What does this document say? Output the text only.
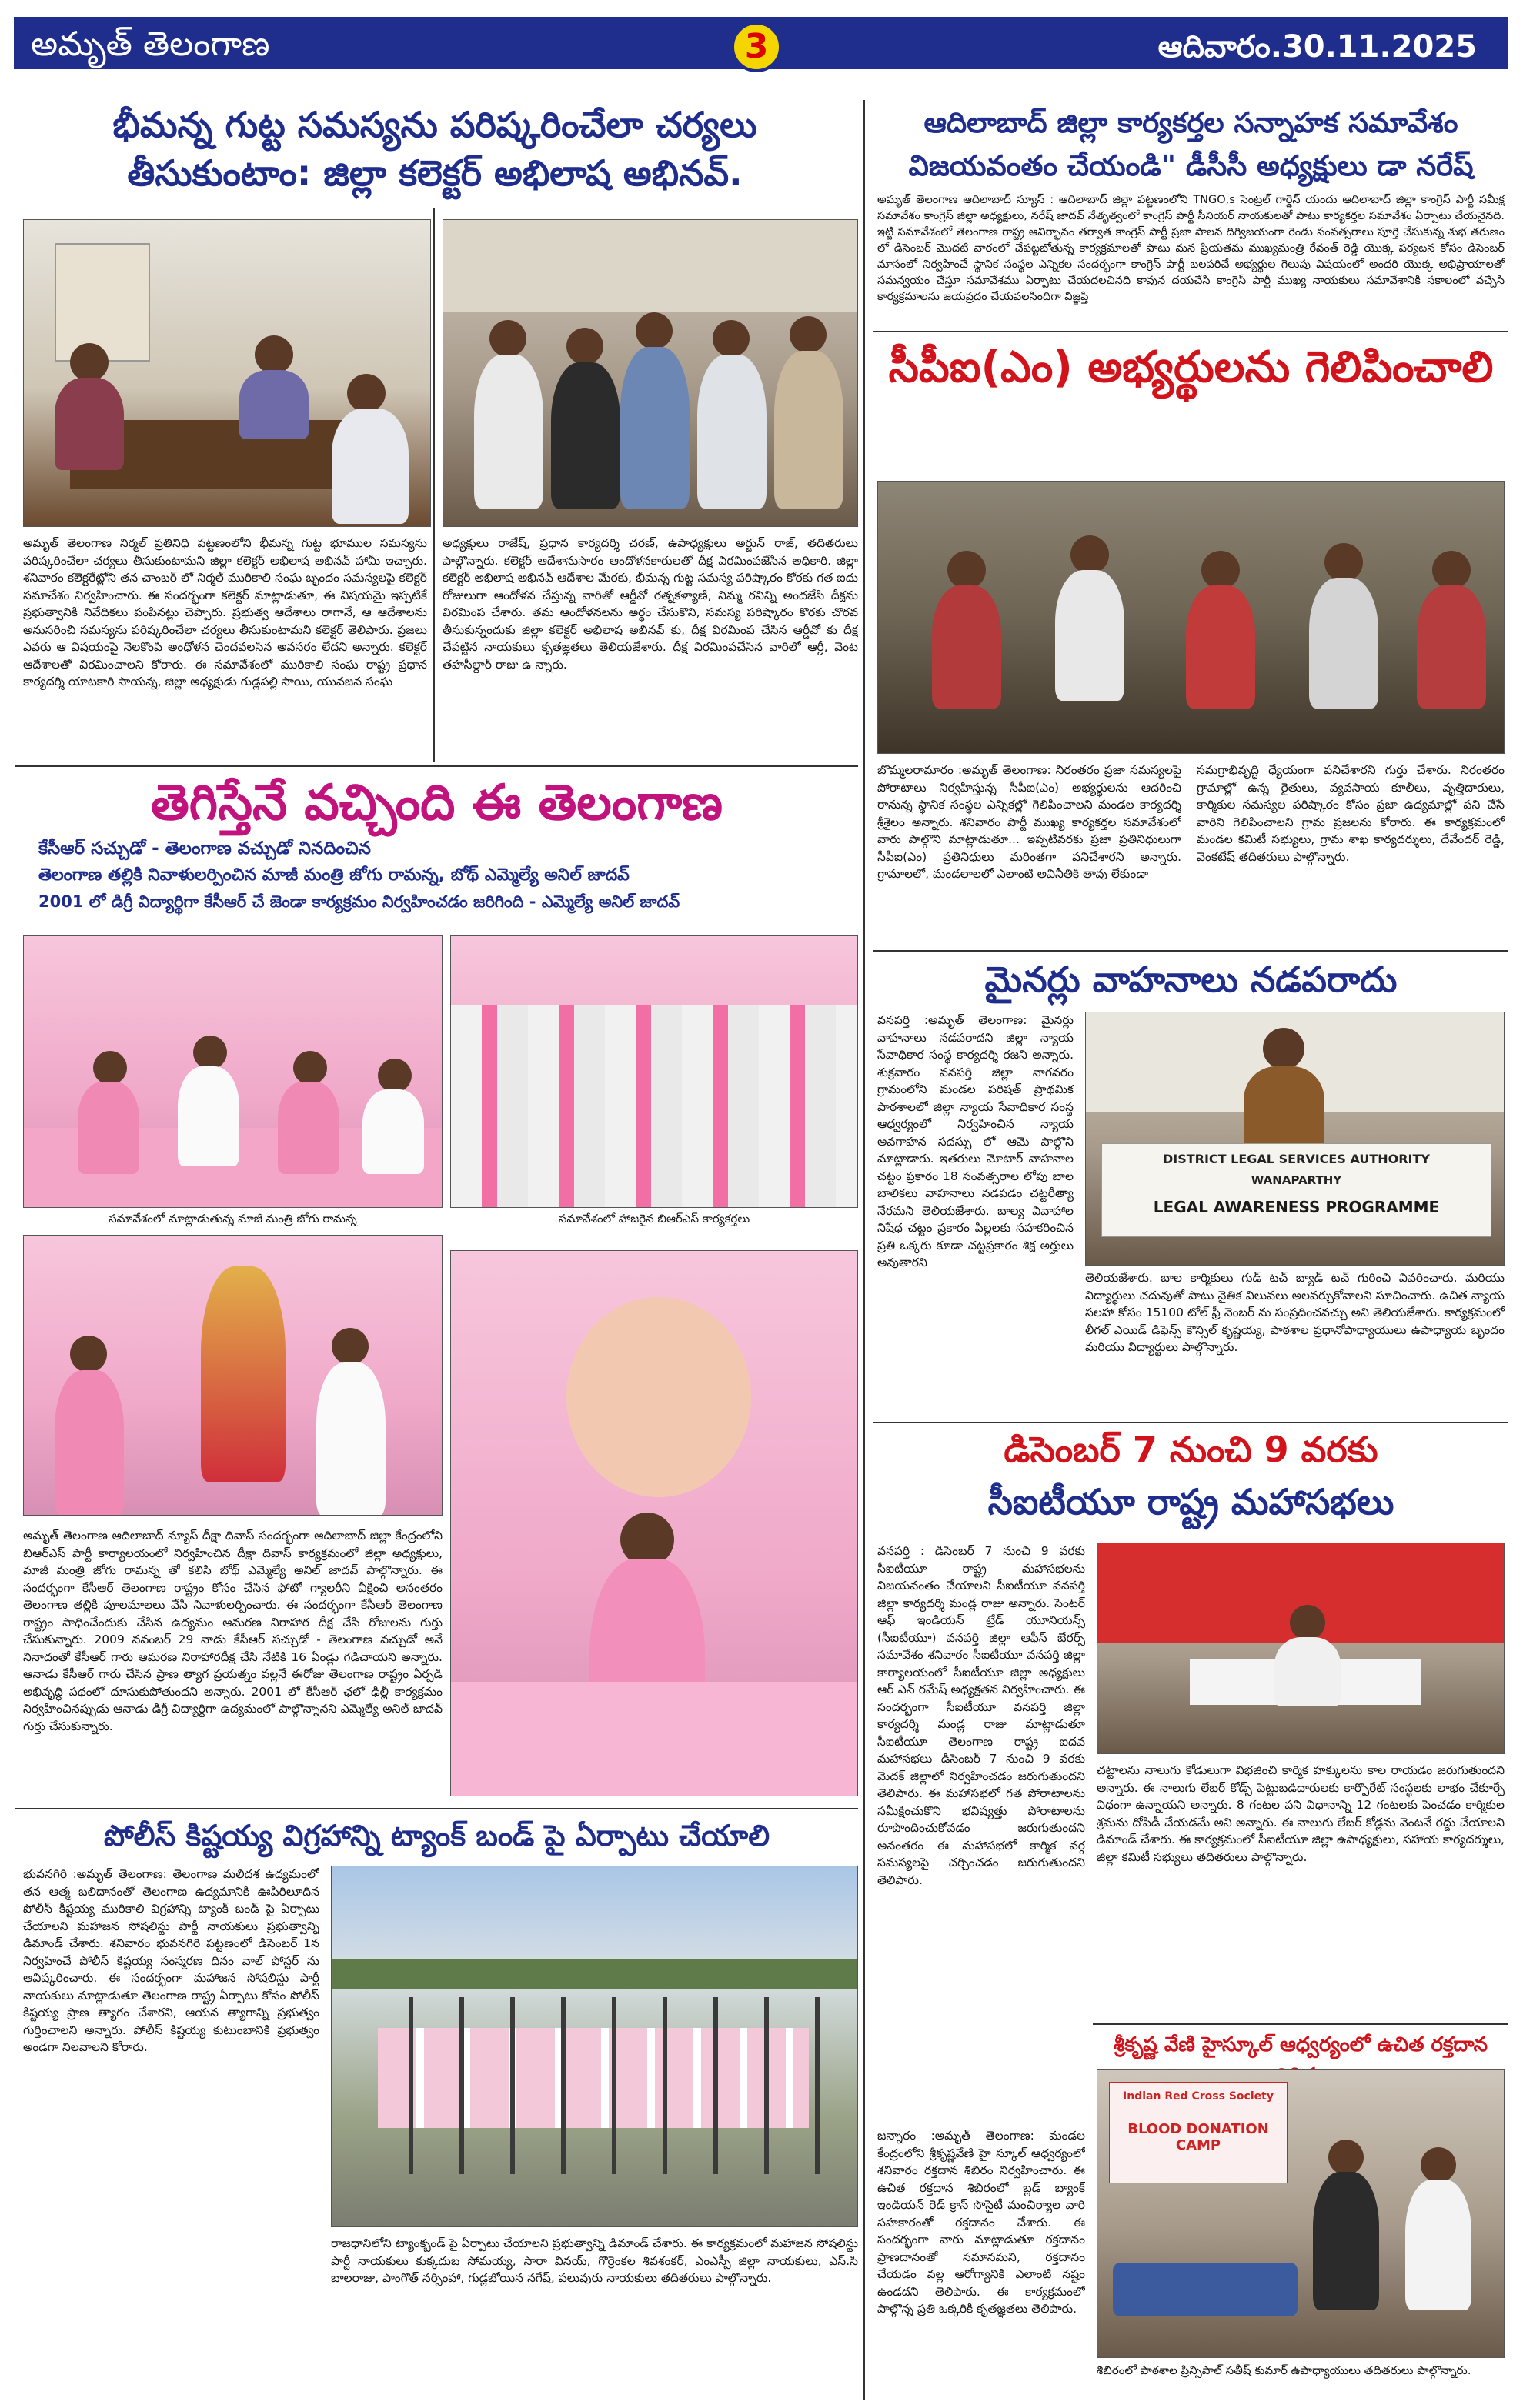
అమృత్ తెలంగాణ	3	ఆదివారం.30.11.2025
భీమన్న గుట్ట సమస్యను పరిష్కరించేలా చర్యలు
తీసుకుంటాం: జిల్లా కలెక్టర్ అభిలాష అభినవ్.
అమృత్ తెలంగాణ నిర్మల్ ప్రతినిధి పట్టణంలోని భీమన్న గుట్ట భూముల సమస్యను పరిష్కరించేలా చర్యలు తీసుకుంటామని జిల్లా కలెక్టర్ అభిలాష అభినవ్ హామీ ఇచ్చారు. శనివారం కలెక్టరేట్లోని తన చాంబర్ లో నిర్మల్ మురికాలి సంఘ బృందం సమస్యలపై కలెక్టర్ సమాచేశం నిర్వహించారు. ఈ సందర్భంగా కలెక్టర్ మాట్లాడుతూ, ఈ విషయమై ఇప్పటికే ప్రభుత్వానికి నివేదికలు పంపినట్లు చెప్పారు. ప్రభుత్వ ఆదేశాలు రాగానే, ఆ ఆదేశాలను అనుసరించి సమస్యను పరిష్కరించేలా చర్యలు తీసుకుంటామని కలెక్టర్ తెలిపారు. ప్రజలు ఎవరు ఆ విషయంపై నెలకొంపి అంధోళన చెందవలసిన అవసరం లేదని అన్నారు. కలెక్టర్ ఆదేశాలతో విరమించాలని కోరారు. ఈ సమావేశంలో మురికాలి సంఘ రాష్ట్ర ప్రధాన కార్యదర్శి యాటకారి సాయన్న, జిల్లా అధ్యక్షుడు గుడ్లపల్లి సాయి, యువజన సంఘ
అధ్యక్షులు రాజేష్, ప్రధాన కార్యదర్శి చరణ్, ఉపాధ్యక్షులు అర్జున్ రాజ్, తదితరులు పాల్గొన్నారు. కలెక్టర్ ఆదేశానుసారం ఆందోళనకారులతో దీక్ష విరమింపజేసిన అధికారి. జిల్లా కలెక్టర్ అభిలాష అభినవ్ ఆదేశాల మేరకు, భీమన్న గుట్ట సమస్య పరిష్కారం కోరకు గత ఐదు రోజులుగా ఆందోళన చేస్తున్న వారితో ఆర్డీవో రత్నకళ్యాణి, నిమ్మ రవిన్ని అందజేసి దీక్షను విరమింప చేశారు. తమ ఆందోళనలను అర్థం చేసుకొని, సమస్య పరిష్కారం కొరకు చొరవ తీసుకున్నందుకు జిల్లా కలెక్టర్ అభిలాష అభినవ్ కు, దీక్ష విరమింప చేసిన ఆర్డీవో కు దీక్ష చేపట్టిన నాయకులు కృతజ్ఞతలు తెలియజేశారు. దీక్ష విరమింపచేసిన వారిలో ఆర్డీ, వెంట తహసీల్దార్ రాజు ఉ న్నారు.
తెగిస్తేనే వచ్చింది ఈ తెలంగాణ
కేసీఆర్ సచ్చుడో - తెలంగాణ వచ్చుడో నినదించిన
తెలంగాణ తల్లికి నివాళులర్పించిన మాజీ మంత్రి జోగు రామన్న, బోథ్ ఎమ్మెల్యే అనిల్ జాదవ్
2001 లో డిగ్రీ విద్యార్థిగా కేసీఆర్ చే జెండా కార్యక్రమం నిర్వహించడం జరిగింది - ఎమ్మెల్యే అనిల్ జాదవ్
సమావేశంలో మాట్లాడుతున్న మాజీ మంత్రి జోగు రామన్న	సమావేశంలో హాజరైన బిఆర్ఎస్ కార్యకర్తలు
అమృత్ తెలంగాణ ఆదిలాబాద్ న్యూస్ దీక్షా దివాస్ సందర్భంగా ఆదిలాబాద్ జిల్లా కేంద్రంలోని బిఆర్ఎస్ పార్టీ కార్యాలయంలో నిర్వహించిన దీక్షా దివాస్ కార్యక్రమంలో జిల్లా అధ్యక్షులు, మాజీ మంత్రి జోగు రామన్న తో కలిసి బోథ్ ఎమ్మెల్యే అనిల్ జాదవ్ పాల్గొన్నారు. ఈ సందర్భంగా కేసీఆర్ తెలంగాణ రాష్ట్రం కోసం చేసిన ఫోటో గ్యాలరీని వీక్షించి అనంతరం తెలంగాణ తల్లికి పూలమాలలు వేసి నివాళులర్పించారు. ఈ సందర్భంగా కేసీఆర్ తెలంగాణ రాష్ట్రం సాధించేందుకు చేసిన ఉద్యమం ఆమరణ నిరాహార దీక్ష చేసి రోజులను గుర్తు చేసుకున్నారు. 2009 నవంబర్ 29 నాడు కేసీఆర్ సచ్చుడో - తెలంగాణ వచ్చుడో అనే నినాదంతో కేసీఆర్ గారు ఆమరణ నిరాహారదీక్ష చేసి నేటికి 16 ఏండ్లు గడిచాయని అన్నారు. ఆనాడు కేసీఆర్ గారు చేసిన ప్రాణ త్యాగ ప్రయత్నం వల్లనే ఈరోజు తెలంగాణ రాష్ట్రం ఏర్పడి అభివృద్ధి పథంలో దూసుకుపోతుందని అన్నారు. 2001 లో కేసీఆర్ ఛలో ఢిల్లీ కార్యక్రమం నిర్వహించినప్పుడు ఆనాడు డిగ్రీ విద్యార్థిగా ఉద్యమంలో పాల్గొన్నానని ఎమ్మెల్యే అనిల్ జాదవ్ గుర్తు చేసుకున్నారు.
పోలీస్ కిష్టయ్య విగ్రహాన్ని ట్యాంక్ బండ్ పై ఏర్పాటు చేయాలి
భువనగిరి :అమృత్ తెలంగాణ: తెలంగాణ మలిదశ ఉద్యమంలో తన ఆత్మ బలిదానంతో తెలంగాణ ఉద్యమానికి ఊపిరిలూదిన పోలీస్ కిష్టయ్య మురికాలి విగ్రహాన్ని ట్యాంక్ బండ్ పై ఏర్పాటు చేయాలని మహాజన సోషలిస్టు పార్టీ నాయకులు ప్రభుత్వాన్ని డిమాండ్ చేశారు. శనివారం భువనగిరి పట్టణంలో డిసెంబర్ 1న నిర్వహించే పోలీస్ కిష్టయ్య సంస్మరణ దినం వాల్ పోస్టర్ ను ఆవిష్కరించారు. ఈ సందర్భంగా మహాజన సోషలిస్టు పార్టీ నాయకులు మాట్లాడుతూ తెలంగాణ రాష్ట్ర ఏర్పాటు కోసం పోలీస్ కిష్టయ్య ప్రాణ త్యాగం చేశారని, ఆయన త్యాగాన్ని ప్రభుత్వం గుర్తించాలని అన్నారు. పోలీస్ కిష్టయ్య కుటుంబానికి ప్రభుత్వం అండగా నిలవాలని కోరారు.
రాజధానిలోని ట్యాంక్బండ్ పై ఏర్పాటు చేయాలని ప్రభుత్వాన్ని డిమాండ్ చేశారు. ఈ కార్యక్రమంలో మహాజన సోషలిస్టు పార్టీ నాయకులు కుక్కదుబ సోమయ్య, సారా వినయ్, గొర్రెంకల శివశంకర్, ఎంఎస్పీ జిల్లా నాయకులు, ఎస్.సి బాలరాజు, పాంగొత్ నర్సింహా, గుడ్లబోయిన నగేష్, పలువురు నాయకులు తదితరులు పాల్గొన్నారు.
ఆదిలాబాద్ జిల్లా కార్యకర్తల సన్నాహక సమావేశం
విజయవంతం చేయండి" డీసీసీ అధ్యక్షులు డా నరేష్
అమృత్ తెలంగాణ ఆదిలాబాద్ న్యూస్ : ఆదిలాబాద్ జిల్లా పట్టణంలోని TNGO,s సెంట్రల్ గార్డెన్ యందు ఆదిలాబాద్ జిల్లా కాంగ్రెస్ పార్టీ సమీక్ష సమావేశం కాంగ్రెస్ జిల్లా అధ్యక్షులు, నరేష్ జాదవ్ నేతృత్వంలో కాంగ్రెస్ పార్టీ సీనియర్ నాయకులతో పాటు కార్యకర్తల సమావేశం ఏర్పాటు చేయనైనది. ఇట్టి సమావేశంలో తెలంగాణ రాష్ట్ర ఆవిర్భావం తర్వాత కాంగ్రెస్ పార్టీ ప్రజా పాలన దిగ్విజయంగా రెండు సంవత్సరాలు పూర్తి చేసుకున్న శుభ తరుణం లో డిసెంబర్ మొదటి వారంలో చేపట్టబోతున్న కార్యక్రమాలతో పాటు మన ప్రియతమ ముఖ్యమంత్రి రేవంత్ రెడ్డి యొక్క పర్యటన కోసం డిసెంబర్ మాసంలో నిర్వహించే స్థానిక సంస్థల ఎన్నికల సందర్భంగా కాంగ్రెస్ పార్టీ బలపరిచే అభ్యర్థుల గెలుపు విషయంలో అందరి యొక్క అభిప్రాయాలతో సమన్వయం చేస్తూ సమావేశము ఏర్పాటు చేయదలచినది కావున దయచేసి కాంగ్రెస్ పార్టీ ముఖ్య నాయకులు సమావేశానికి సకాలంలో వచ్చేసి కార్యక్రమాలను జయప్రదం చేయవలసిందిగా విజ్ఞప్తి
సీపీఐ(ఎం) అభ్యర్థులను గెలిపించాలి
బొమ్మలరామారం :అమృత్ తెలంగాణ: నిరంతరం ప్రజా సమస్యలపై పోరాటాలు నిర్వహిస్తున్న సీపీఐ(ఎం) అభ్యర్థులను ఆదరించి రానున్న స్థానిక సంస్థల ఎన్నికల్లో గెలిపించాలని మండల కార్యదర్శి శ్రీశైలం అన్నారు. శనివారం పార్టీ ముఖ్య కార్యకర్తల సమావేశంలో వారు పాల్గొని మాట్లాడుతూ... ఇప్పటివరకు ప్రజా ప్రతినిధులుగా సీపీఐ(ఎం) ప్రతినిధులు మరింతగా పనిచేశారని అన్నారు. గ్రామాలలో, మండలాలలో ఎలాంటి అవినీతికి తావు లేకుండా
సమగ్రాభివృద్ధి ధ్యేయంగా పనిచేశారని గుర్తు చేశారు. నిరంతరం గ్రామాల్లో ఉన్న రైతులు, వ్యవసాయ కూలీలు, వృత్తిదారులు, కార్మికుల సమస్యల పరిష్కారం కోసం ప్రజా ఉద్యమాల్లో పని చేసే వారిని గెలిపించాలని గ్రామ ప్రజలను కోరారు. ఈ కార్యక్రమంలో మండల కమిటీ సభ్యులు, గ్రామ శాఖ కార్యదర్శులు, దేవేందర్ రెడ్డి, వెంకటేష్ తదితరులు పాల్గొన్నారు.
మైనర్లు వాహనాలు నడపరాదు
వనపర్తి :అమృత్ తెలంగాణ: మైనర్లు వాహనాలు నడపరాదని జిల్లా న్యాయ సేవాధికార సంస్థ కార్యదర్శి రజని అన్నారు. శుక్రవారం వనపర్తి జిల్లా నాగవరం గ్రామంలోని మండల పరిషత్ ప్రాథమిక పాఠశాలలో జిల్లా న్యాయ సేవాధికార సంస్థ ఆధ్వర్యంలో నిర్వహించిన న్యాయ అవగాహన సదస్సు లో ఆమె పాల్గొని మాట్లాడారు. ఇతరులు మోటార్ వాహనాల చట్టం ప్రకారం 18 సంవత్సరాల లోపు బాల బాలికలు వాహనాలు నడపడం చట్టరీత్యా నేరమని తెలియజేశారు. బాల్య వివాహాల నిషేధ చట్టం ప్రకారం పిల్లలకు సహకరించిన ప్రతి ఒక్కరు కూడా చట్టప్రకారం శిక్ష అర్హులు అవుతారని
DISTRICT LEGAL SERVICES AUTHORITY
WANAPARTHY
LEGAL AWARENESS PROGRAMME
తెలియజేశారు. బాల కార్మికులు గుడ్ టచ్ బ్యాడ్ టచ్ గురించి వివరించారు. మరియు విద్యార్థులు చదువుతో పాటు నైతిక విలువలు అలవర్చుకోవాలని సూచించారు. ఉచిత న్యాయ సలహా కోసం 15100 టోల్ ఫ్రీ నెంబర్ ను సంప్రదించవచ్చు అని తెలియజేశారు. కార్యక్రమంలో లీగల్ ఎయిడ్ డిఫెన్స్ కౌన్సిల్ కృష్ణయ్య, పాఠశాల ప్రధానోపాధ్యాయులు ఉపాధ్యాయ బృందం మరియు విద్యార్థులు పాల్గొన్నారు.
డిసెంబర్ 7 నుంచి 9 వరకు
సీఐటీయూ రాష్ట్ర మహాసభలు
వనపర్తి : డిసెంబర్ 7 నుంచి 9 వరకు సీఐటీయూ రాష్ట్ర మహాసభలను విజయవంతం చేయాలని సీఐటీయూ వనపర్తి జిల్లా కార్యదర్శి మండ్ల రాజు అన్నారు. సెంటర్ ఆఫ్ ఇండియన్ ట్రేడ్ యూనియన్స్ (సీఐటీయూ) వనపర్తి జిల్లా ఆఫీస్ బేరర్స్ సమావేశం శనివారం సీఐటీయూ వనపర్తి జిల్లా కార్యాలయంలో సీఐటీయూ జిల్లా అధ్యక్షులు ఆర్ ఎన్ రమేష్ అధ్యక్షతన నిర్వహించారు. ఈ సందర్భంగా సీఐటీయూ వనపర్తి జిల్లా కార్యదర్శి మండ్ల రాజు మాట్లాడుతూ సీఐటీయూ తెలంగాణ రాష్ట్ర ఐదవ మహాసభలు డిసెంబర్ 7 నుంచి 9 వరకు మెదక్ జిల్లాలో నిర్వహించడం జరుగుతుందని తెలిపారు. ఈ మహాసభలో గత పోరాటాలను సమీక్షించుకొని భవిష్యత్తు పోరాటాలను రూపొందించుకోవడం జరుగుతుందని అనంతరం ఈ మహాసభలో కార్మిక వర్గ సమస్యలపై చర్చించడం జరుగుతుందని తెలిపారు.
చట్టాలను నాలుగు కోడులుగా విభజించి కార్మిక హక్కులను కాల రాయడం జరుగుతుందని అన్నారు. ఈ నాలుగు లేబర్ కోడ్స్ పెట్టుబడిదారులకు కార్పొరేట్ సంస్థలకు లాభం చేకూర్చే విధంగా ఉన్నాయని అన్నారు. 8 గంటల పని విధానాన్ని 12 గంటలకు పెంచడం కార్మికుల శ్రమను దోపిడీ చేయడమే అని అన్నారు. ఈ నాలుగు లేబర్ కోడ్లను వెంటనే రద్దు చేయాలని డిమాండ్ చేశారు. ఈ కార్యక్రమంలో సీఐటీయూ జిల్లా ఉపాధ్యక్షులు, సహాయ కార్యదర్శులు, జిల్లా కమిటీ సభ్యులు తదితరులు పాల్గొన్నారు.
శ్రీకృష్ణ వేణి హైస్కూల్ ఆధ్వర్యంలో ఉచిత రక్తదాన
జన్నారం :అమృత్ తెలంగాణ: మండల కేంద్రంలోని శ్రీకృష్ణవేణి హై స్కూల్ ఆధ్వర్యంలో శనివారం రక్తదాన శిబిరం నిర్వహించారు. ఈ ఉచిత రక్తదాన శిబిరంలో బ్లడ్ బ్యాంక్ ఇండియన్ రెడ్ క్రాస్ సొసైటీ మంచిర్యాల వారి సహకారంతో రక్తదానం చేశారు. ఈ సందర్భంగా వారు మాట్లాడుతూ రక్తదానం ప్రాణదానంతో సమానమని, రక్తదానం చేయడం వల్ల ఆరోగ్యానికి ఎలాంటి నష్టం ఉండదని తెలిపారు. ఈ కార్యక్రమంలో పాల్గొన్న ప్రతి ఒక్కరికి కృతజ్ఞతలు తెలిపారు.
Indian Red Cross Society
BLOOD DONATION CAMP
శిబిరంలో పాఠశాల ప్రిన్సిపాల్ సతీష్ కుమార్ ఉపాధ్యాయులు తదితరులు పాల్గొన్నారు.
